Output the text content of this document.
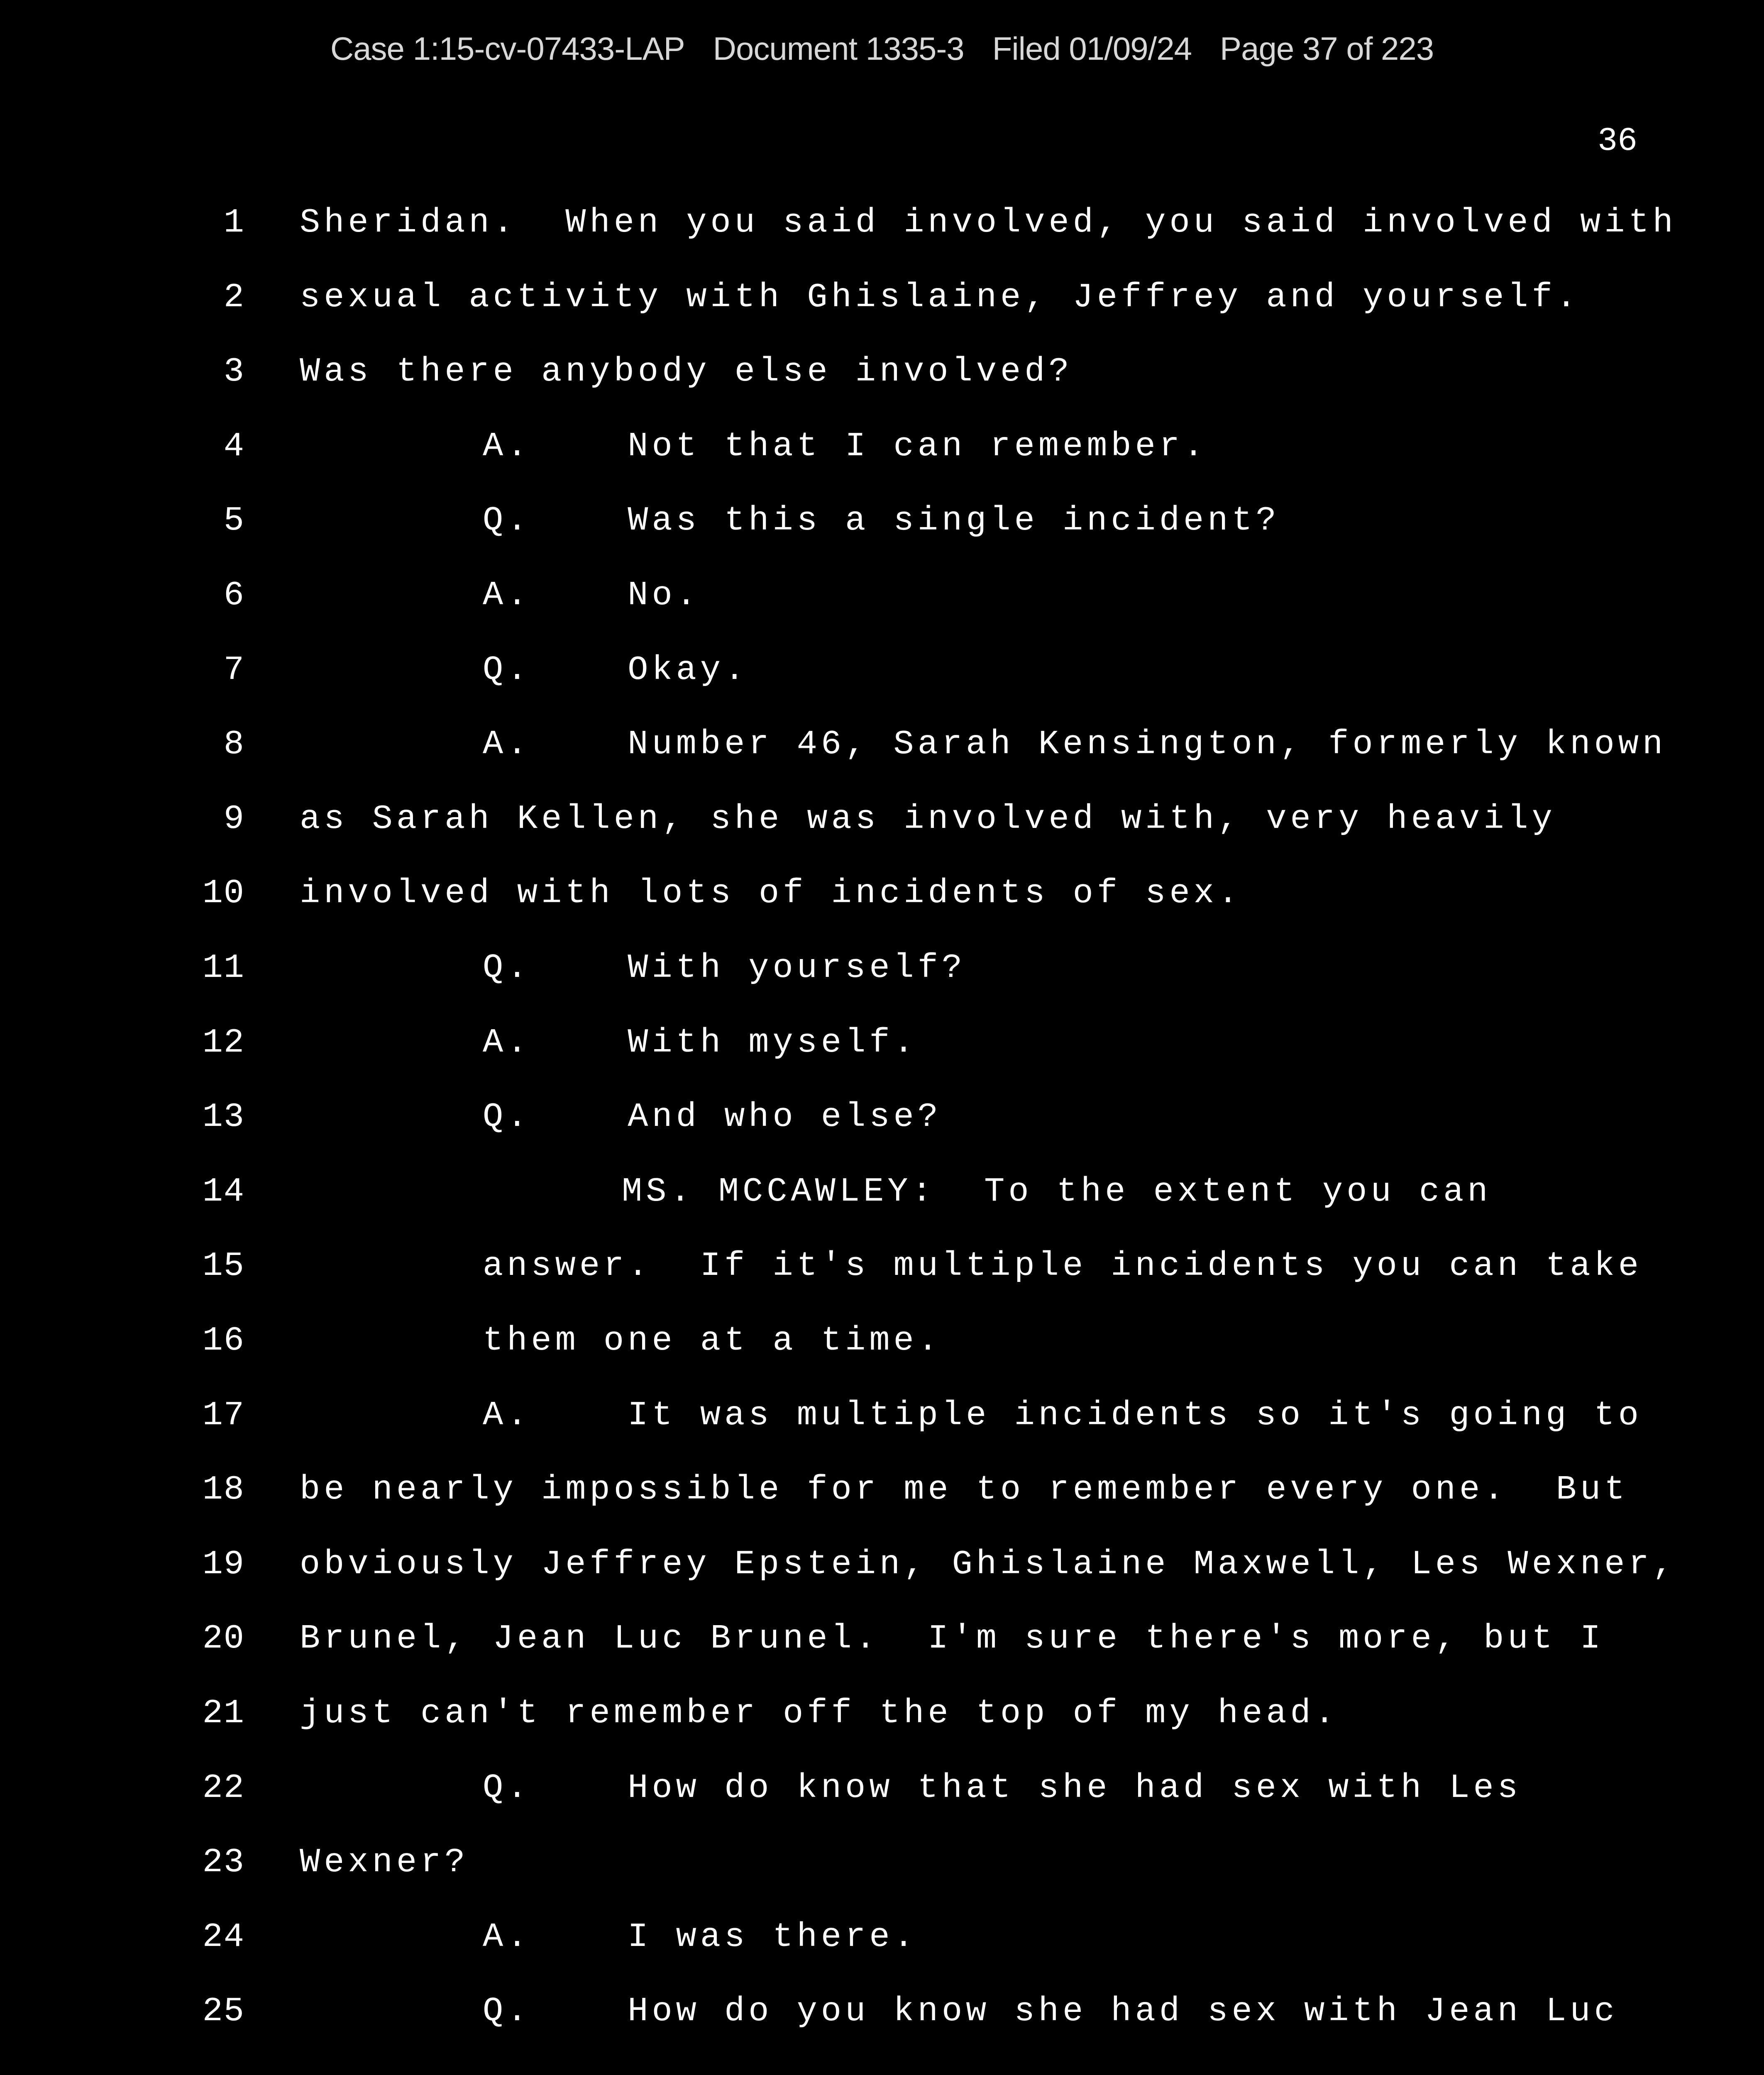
Case 1:15-cv-07433-LAP Document 1335-3 Filed 01/09/24 Page 37 of 223
36
1 Sheridan.  When you said involved, you said involved with
2 sexual activity with Ghislaine, Jeffrey and yourself.
3 Was there anybody else involved?
4	A.    Not that I can remember.
5	Q.    Was this a single incident?
6	A.    No.
7	Q.    Okay.
8	A.    Number 46, Sarah Kensington, formerly known
9 as Sarah Kellen, she was involved with, very heavily
10 involved with lots of incidents of sex.
11	Q.    With yourself?
12	A.    With myself.
13	Q.    And who else?
14	MS. MCCAWLEY:  To the extent you can
15	answer.  If it's multiple incidents you can take
16	them one at a time.
17	A.    It was multiple incidents so it's going to
18 be nearly impossible for me to remember every one.  But
19 obviously Jeffrey Epstein, Ghislaine Maxwell, Les Wexner,
20 Brunel, Jean Luc Brunel.  I'm sure there's more, but I
21 just can't remember off the top of my head.
22	Q.    How do know that she had sex with Les
23 Wexner?
24	A.    I was there.
25	Q.    How do you know she had sex with Jean Luc
